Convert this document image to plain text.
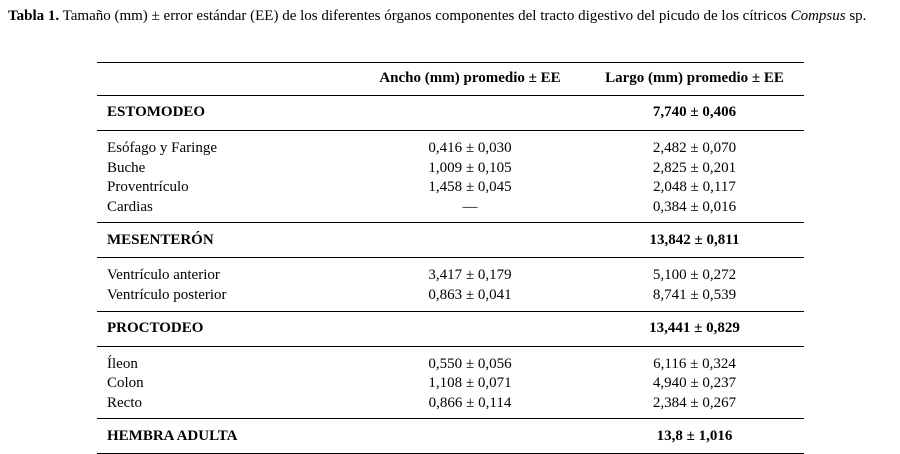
Tabla 1. Tamaño (mm) ± error estándar (EE) de los diferentes órganos componentes del tracto digestivo del picudo de los cítricos Compsus sp.
	Ancho (mm) promedio ± EE	Largo (mm) promedio ± EE
ESTOMODEO		7,740 ± 0,406
Esófago y Faringe	0,416 ± 0,030	2,482 ± 0,070
Buche	1,009 ± 0,105	2,825 ± 0,201
Proventrículo	1,458 ± 0,045	2,048 ± 0,117
Cardias	—	0,384 ± 0,016
MESENTERÓN		13,842 ± 0,811
Ventrículo anterior	3,417 ± 0,179	5,100 ± 0,272
Ventrículo posterior	0,863 ± 0,041	8,741 ± 0,539
PROCTODEO		13,441 ± 0,829
Íleon	0,550 ± 0,056	6,116 ± 0,324
Colon	1,108 ± 0,071	4,940 ± 0,237
Recto	0,866 ± 0,114	2,384 ± 0,267
HEMBRA ADULTA		13,8 ± 1,016
